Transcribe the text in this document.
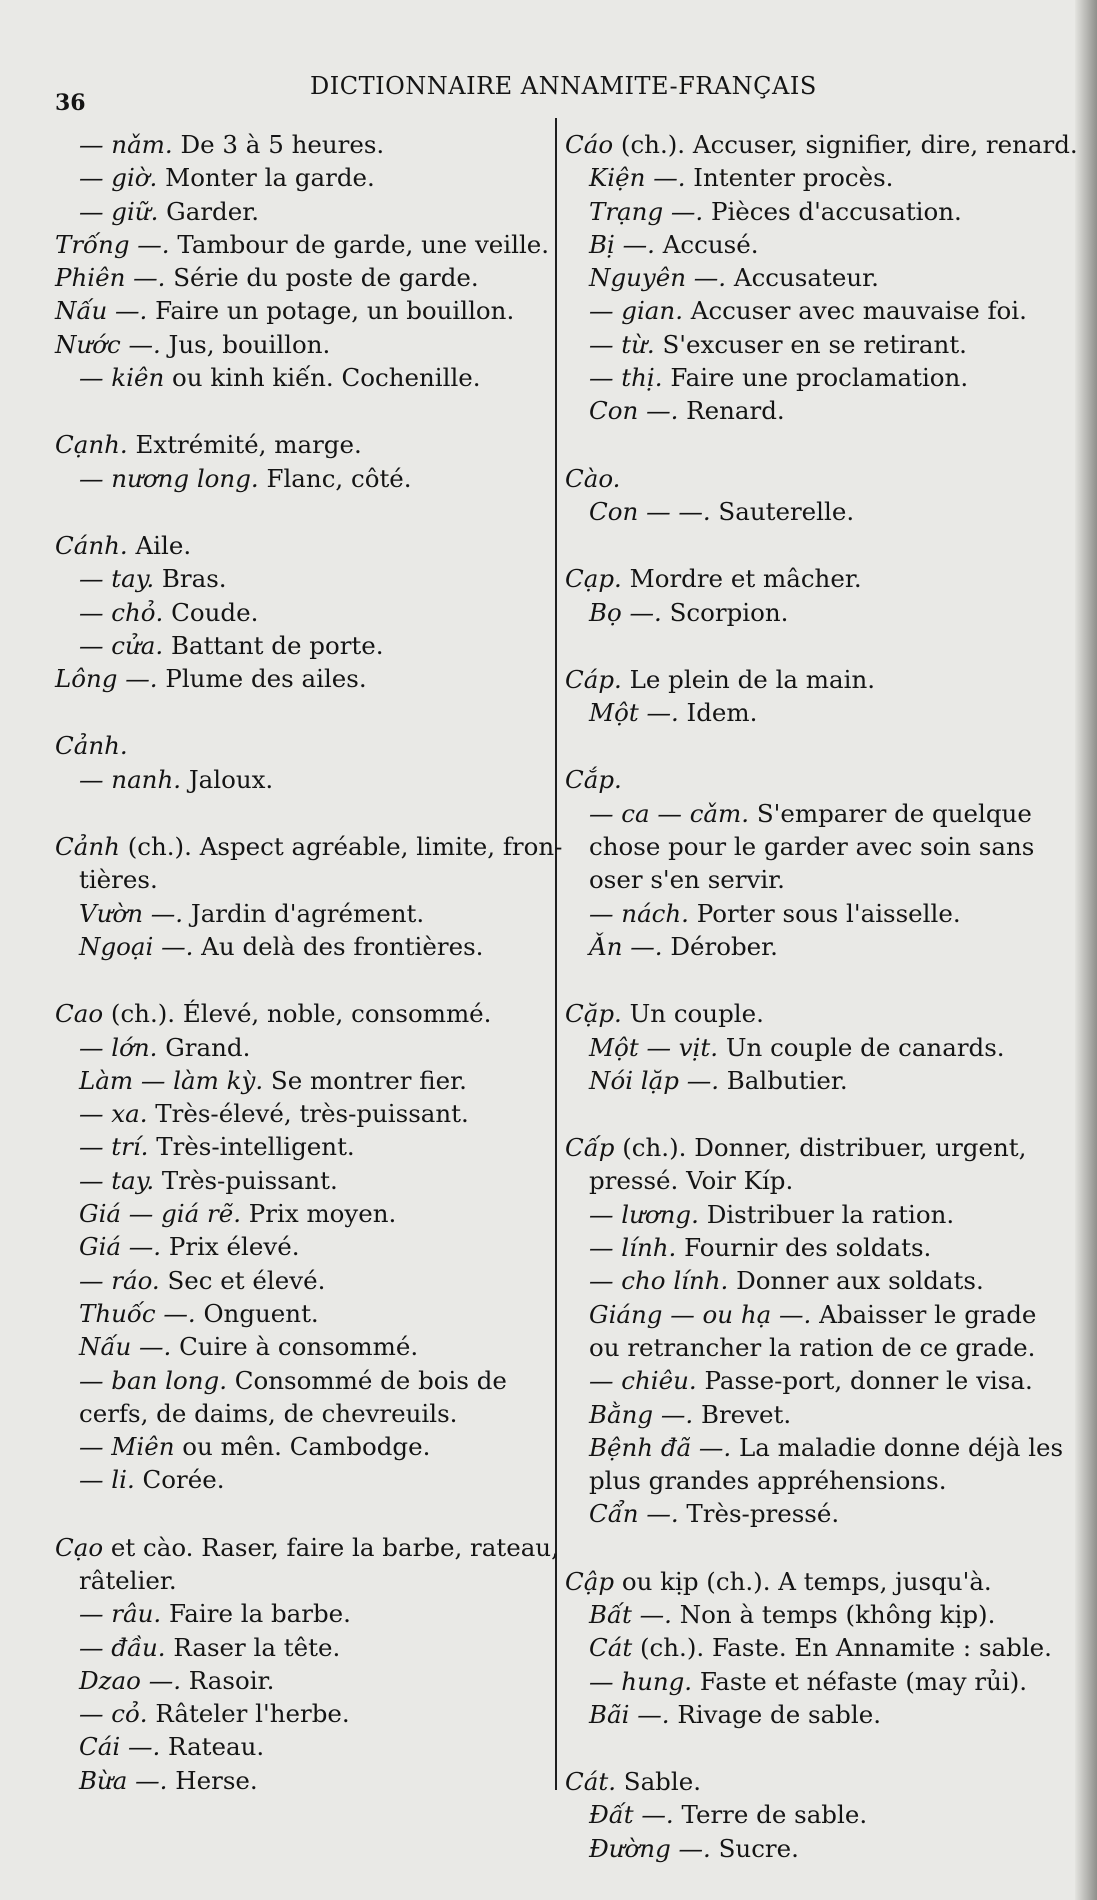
36
DICTIONNAIRE ANNAMITE-FRANÇAIS
— nǎm. De 3 à 5 heures.
— giờ. Monter la garde.
— giữ. Garder.
Trống —. Tambour de garde, une veille.
Phiên —. Série du poste de garde.
Nấu —. Faire un potage, un bouillon.
Nước —. Jus, bouillon.
— kiên ou kinh kiến. Cochenille.
Cạnh. Extrémité, marge.
— nương long. Flanc, côté.
Cánh. Aile.
— tay. Bras.
— chỏ. Coude.
— cửa. Battant de porte.
Lông —. Plume des ailes.
Cảnh.
— nanh. Jaloux.
Cảnh (ch.). Aspect agréable, limite, fron-
tières.
Vườn —. Jardin d'agrément.
Ngoại —. Au delà des frontières.
Cao (ch.). Élevé, noble, consommé.
— lớn. Grand.
Làm — làm kỳ. Se montrer fier.
— xa. Très-élevé, très-puissant.
— trí. Très-intelligent.
— tay. Très-puissant.
Giá — giá rẽ. Prix moyen.
Giá —. Prix élevé.
— ráo. Sec et élevé.
Thuốc —. Onguent.
Nấu —. Cuire à consommé.
— ban long. Consommé de bois de
cerfs, de daims, de chevreuils.
— Miên ou mên. Cambodge.
— li. Corée.
Cạo et cào. Raser, faire la barbe, rateau,
râtelier.
— râu. Faire la barbe.
— đầu. Raser la tête.
Dzao —. Rasoir.
— cỏ. Râteler l'herbe.
Cái —. Rateau.
Bừa —. Herse.
Cáo (ch.). Accuser, signifier, dire, renard.
Kiện —. Intenter procès.
Trạng —. Pièces d'accusation.
Bị —. Accusé.
Nguyên —. Accusateur.
— gian. Accuser avec mauvaise foi.
— từ. S'excuser en se retirant.
— thị. Faire une proclamation.
Con —. Renard.
Cào.
Con — —. Sauterelle.
Cạp. Mordre et mâcher.
Bọ —. Scorpion.
Cáp. Le plein de la main.
Một —. Idem.
Cắp.
— ca — cǎm. S'emparer de quelque
chose pour le garder avec soin sans
oser s'en servir.
— nách. Porter sous l'aisselle.
Ǎn —. Dérober.
Cặp. Un couple.
Một — vịt. Un couple de canards.
Nói lặp —. Balbutier.
Cấp (ch.). Donner, distribuer, urgent,
pressé. Voir Kíp.
— lương. Distribuer la ration.
— lính. Fournir des soldats.
— cho lính. Donner aux soldats.
Giáng — ou hạ —. Abaisser le grade
ou retrancher la ration de ce grade.
— chiêu. Passe-port, donner le visa.
Bằng —. Brevet.
Bệnh đã —. La maladie donne déjà les
plus grandes appréhensions.
Cẩn —. Très-pressé.
Cập ou kịp (ch.). A temps, jusqu'à.
Bất —. Non à temps (không kịp).
Cát (ch.). Faste. En Annamite : sable.
— hung. Faste et néfaste (may rủi).
Bãi —. Rivage de sable.
Cát. Sable.
Đất —. Terre de sable.
Đường —. Sucre.
